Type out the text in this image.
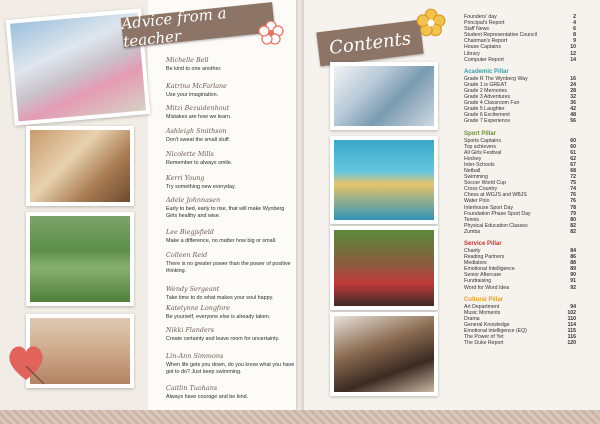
Advice from a teacher
Michelle Bell
Be kind to one another.
Katrina McFarlane
Use your imagination.
Mitzi Bezuidenhout
Mistakes are how we learn.
Ashleigh Smithson
Don't sweat the small stuff.
Nicolette Mills
Remember to always smile.
Kerri Young
Try something new everyday.
Adele Johnnasen
Early to bed, early to rise, that will make Wynberg Girls healthy and wise.
Lee Biegjsfield
Make a difference, no matter how big or small.
Colleen Reid
There is no greater power than the power of positive thinking.
Wendy Sergeant
Take time to do what makes your soul happy.
Katelynne Longfore
Be yourself, everyone else is already taken.
Nikki Flanders
Create certainty and leave room for uncertainty.
Lin-Ann Simmons
When life gets you down, do you know what you have got to do? Just keep swimming.
Caitlin Tuohans
Always have courage and be kind.
Contents
Founders' day	2
Principal's Report	4
Staff News	6
Student Representative Council	8
Chairman's Report	9
House Captains	10
Library	12
Computer Report	14
Academic Pillar
Grade R The Wynberg Way	16
Grade 1 is GREAT	24
Grade 2 Memories	28
Grade 3 Adventures	32
Grade 4 Classroom Fun	36
Grade 5 Laughter	42
Grade 6 Excitement	48
Grade 7 Experience	56
Sport Pillar
Sports Captains	60
Top achievers	60
All Girls Festival	61
Hockey	62
Inter-Schools	67
Netball	68
Swimming	72
Soccer World Cup	75
Cross Country	74
Chess at WGJS and WBJS	76
Water Polo	76
Interhouse Sport Day	78
Foundation Phase Sport Day	79
Tennis	80
Physical Education Classes	82
Zumba	82
Service Pillar
Charity	84
Reading Partners	86
Mediators	88
Emotional Intelligence	89
Senior Aftercare	90
Fundraising	91
Word for Word Idea	92
Cultural Pillar
Art Department	94
Music Moments	102
Drama	110
General Knowledge	114
Emotional intelligence (EQ)	115
The Power of Yet	116
The Duke Report	120
